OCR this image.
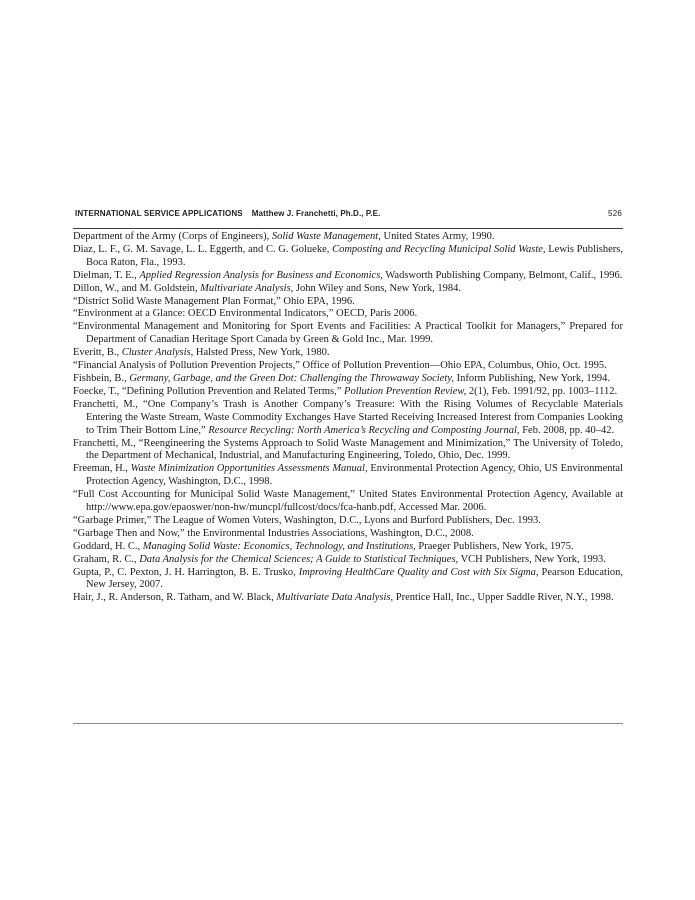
INTERNATIONAL SERVICE APPLICATIONS Matthew J. Franchetti, Ph.D., P.E.	526

Department of the Army (Corps of Engineers), Solid Waste Management, United States Army, 1990.

Diaz, L. F., G. M. Savage, L. L. Eggerth, and C. G. Golueke, Composting and Recycling Municipal Solid Waste, Lewis Publishers, Boca Raton, Fla., 1993.

Dielman, T. E., Applied Regression Analysis for Business and Economics, Wadsworth Publishing Company, Belmont, Calif., 1996.

Dillon, W., and M. Goldstein, Multivariate Analysis, John Wiley and Sons, New York, 1984.

“District Solid Waste Management Plan Format,” Ohio EPA, 1996.

“Environment at a Glance: OECD Environmental Indicators,” OECD, Paris 2006.

“Environmental Management and Monitoring for Sport Events and Facilities: A Practical Toolkit for Managers,” Prepared for Department of Canadian Heritage Sport Canada by Green & Gold Inc., Mar. 1999.

Everitt, B., Cluster Analysis, Halsted Press, New York, 1980.

“Financial Analysis of Pollution Prevention Projects,” Office of Pollution Prevention—Ohio EPA, Columbus, Ohio, Oct. 1995.

Fishbein, B., Germany, Garbage, and the Green Dot: Challenging the Throwaway Society, Inform Publishing, New York, 1994.

Foecke, T., “Defining Pollution Prevention and Related Terms,” Pollution Prevention Review, 2(1), Feb. 1991/92, pp. 1003–1112.

Franchetti, M., “One Company’s Trash is Another Company’s Treasure: With the Rising Volumes of Recyclable Materials Entering the Waste Stream, Waste Commodity Exchanges Have Started Receiving Increased Interest from Companies Looking to Trim Their Bottom Line,” Resource Recycling: North America’s Recycling and Composting Journal, Feb. 2008, pp. 40–42.

Franchetti, M., “Reengineering the Systems Approach to Solid Waste Management and Minimization,” The University of Toledo, the Department of Mechanical, Industrial, and Manufacturing Engineering, Toledo, Ohio, Dec. 1999.

Freeman, H., Waste Minimization Opportunities Assessments Manual, Environmental Protection Agency, Ohio, US Environmental Protection Agency, Washington, D.C., 1998.

“Full Cost Accounting for Municipal Solid Waste Management,” United States Environmental Protection Agency, Available at http://www.epa.gov/epaoswer/non-hw/muncpl/fullcost/docs/fca-hanb.pdf, Accessed Mar. 2006.

“Garbage Primer,” The League of Women Voters, Washington, D.C., Lyons and Burford Publishers, Dec. 1993.

“Garbage Then and Now,” the Environmental Industries Associations, Washington, D.C., 2008.

Goddard, H. C., Managing Solid Waste: Economics, Technology, and Institutions, Praeger Publishers, New York, 1975.

Graham, R. C., Data Analysis for the Chemical Sciences; A Guide to Statistical Techniques, VCH Publishers, New York, 1993.

Gupta, P., C. Pexton, J. H. Harrington, B. E. Trusko, Improving HealthCare Quality and Cost with Six Sigma, Pearson Education, New Jersey, 2007.

Hair, J., R. Anderson, R. Tatham, and W. Black, Multivariate Data Analysis, Prentice Hall, Inc., Upper Saddle River, N.Y., 1998.
